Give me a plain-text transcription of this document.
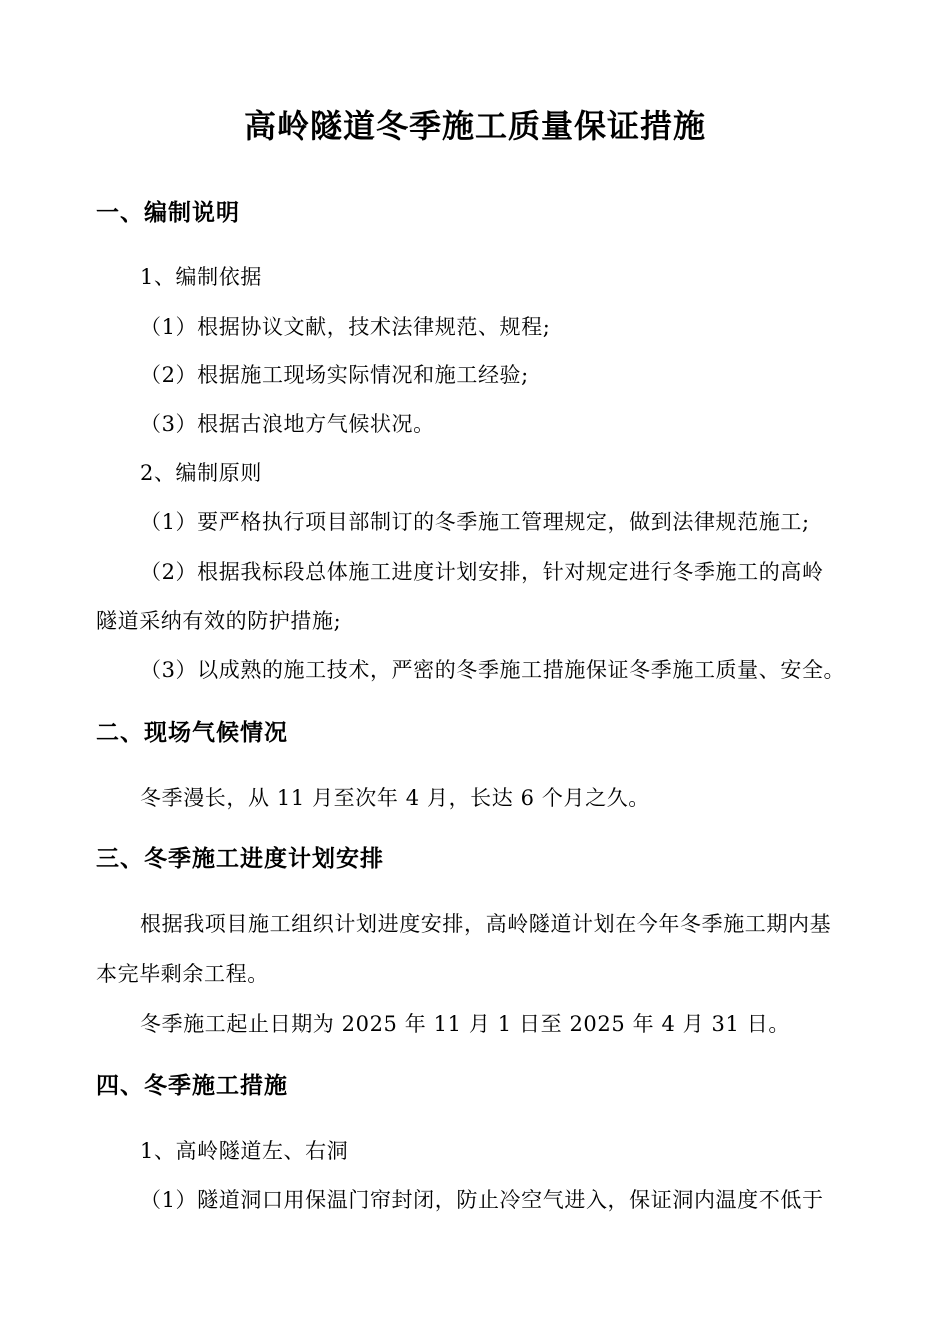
高岭隧道冬季施工质量保证措施
一、编制说明
1、编制依据
（1）根据协议文献，技术法律规范、规程;
（2）根据施工现场实际情况和施工经验;
（3）根据古浪地方气候状况。
2、编制原则
（1）要严格执行项目部制订的冬季施工管理规定，做到法律规范施工;
（2）根据我标段总体施工进度计划安排，针对规定进行冬季施工的高岭
隧道采纳有效的防护措施;
（3）以成熟的施工技术，严密的冬季施工措施保证冬季施工质量、安全。
二、现场气候情况
冬季漫长，从 11 月至次年 4 月，长达 6 个月之久。
三、冬季施工进度计划安排
根据我项目施工组织计划进度安排，高岭隧道计划在今年冬季施工期内基
本完毕剩余工程。
冬季施工起止日期为 2025 年 11 月 1 日至 2025 年 4 月 31 日。
四、冬季施工措施
1、高岭隧道左、右洞
（1）隧道洞口用保温门帘封闭，防止冷空气进入，保证洞内温度不低于
